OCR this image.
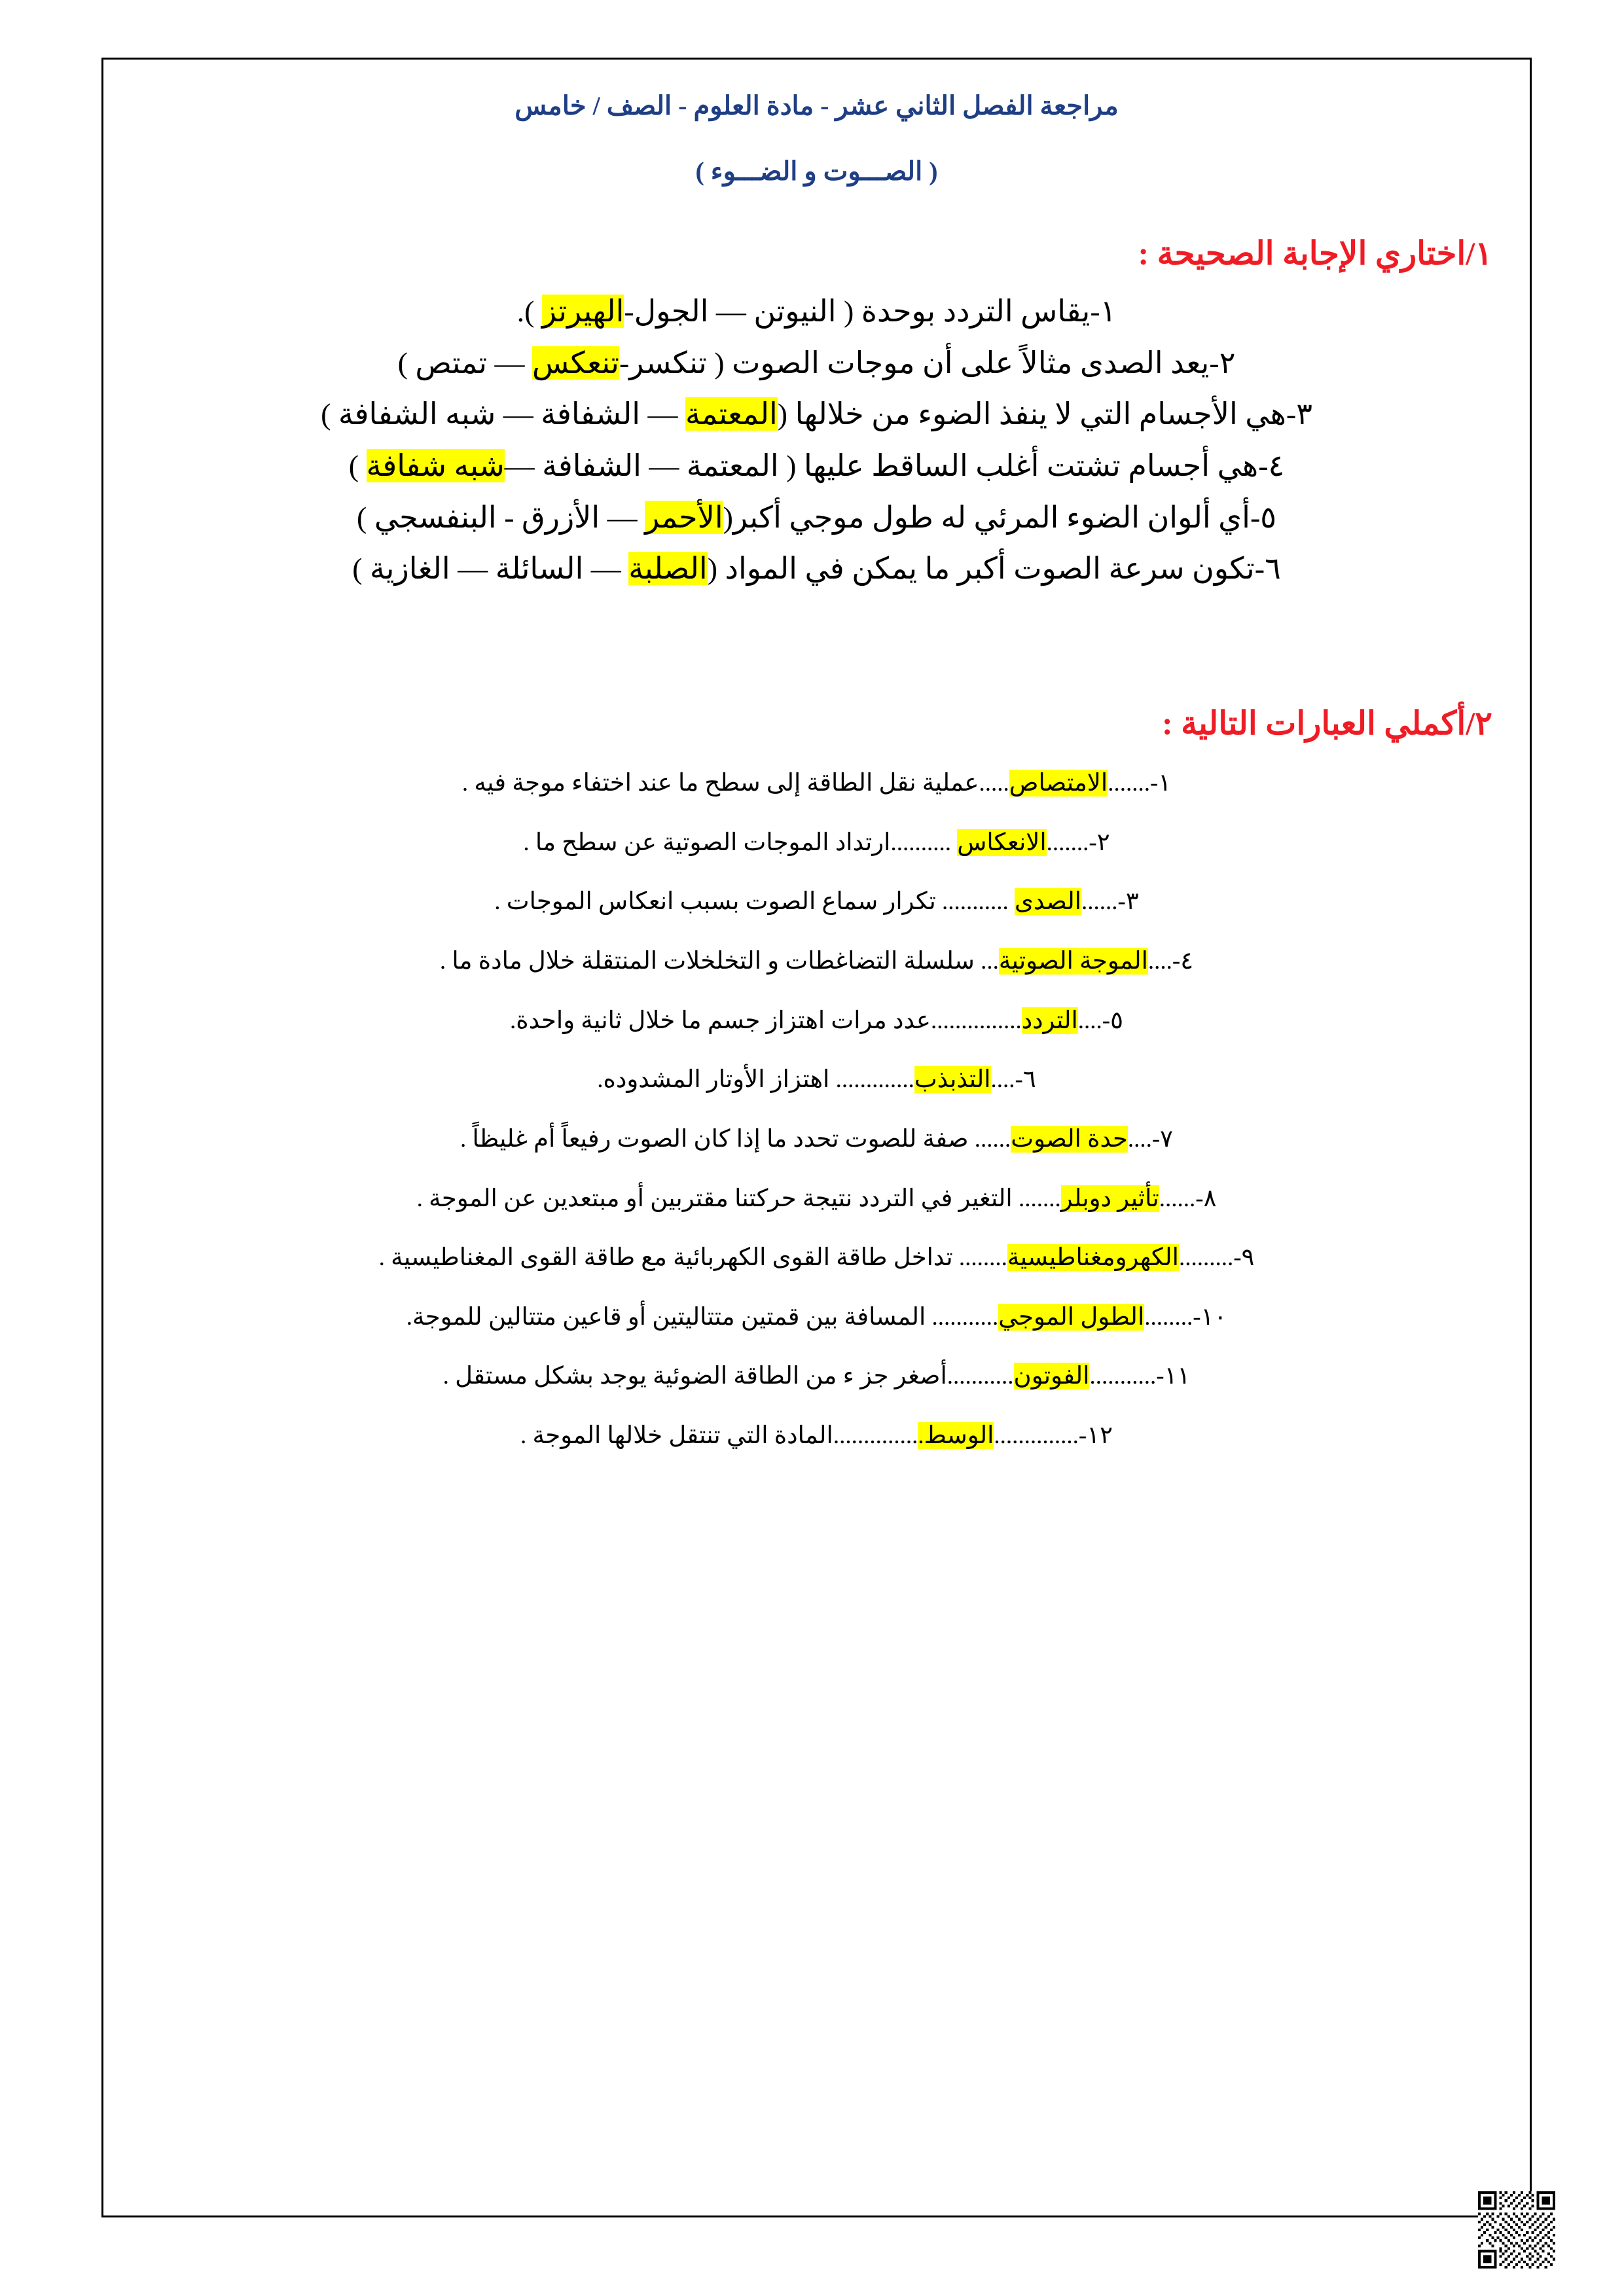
مراجعة الفصل الثاني عشر - مادة العلوم - الصف / خامس
( الصـــوت و الضـــوء )
١/اختاري الإجابة الصحيحة :
١-يقاس التردد بوحدة ( النيوتن — الجول-الهيرتز ).
٢-يعد الصدى مثالاً على أن موجات الصوت ( تنكسر-تنعكس — تمتص )
٣-هي الأجسام التي لا ينفذ الضوء من خلالها (المعتمة — الشفافة — شبه الشفافة )
٤-هي أجسام تشتت أغلب الساقط عليها ( المعتمة — الشفافة —شبه شفافة )
٥-أي ألوان الضوء المرئي له طول موجي أكبر(الأحمر — الأزرق - البنفسجي )
٦-تكون سرعة الصوت أكبر ما يمكن في المواد (الصلبة — السائلة — الغازية )
٢/أكملي العبارات التالية :
١-.......الامتصاص.....عملية نقل الطاقة إلى سطح ما عند اختفاء موجة فيه .
٢-.......الانعكاس ..........ارتداد الموجات الصوتية عن سطح ما .
٣-......الصدى ........... تكرار سماع الصوت بسبب انعكاس الموجات .
٤-....الموجة الصوتية... سلسلة التضاغطات و التخلخلات المنتقلة خلال مادة ما .
٥-....التردد...............عدد مرات اهتزاز جسم ما خلال ثانية واحدة.
٦-....التذبذب............. اهتزاز الأوتار المشدوده.
٧-....حدة الصوت...... صفة للصوت تحدد ما إذا كان الصوت رفيعاً أم غليظاً .
٨-......تأثير دوبلر....... التغير في التردد نتيجة حركتنا مقتربين أو مبتعدين عن الموجة .
٩-.........الكهرومغناطيسية........ تداخل طاقة القوى الكهربائية مع طاقة القوى المغناطيسية .
١٠-........الطول الموجي........... المسافة بين قمتين متتاليتين أو قاعين متتالين للموجة.
١١-...........الفوتون...........أصغر جز ء من الطاقة الضوئية يوجد بشكل مستقل .
١٢-..............الوسط...............المادة التي تنتقل خلالها الموجة .
